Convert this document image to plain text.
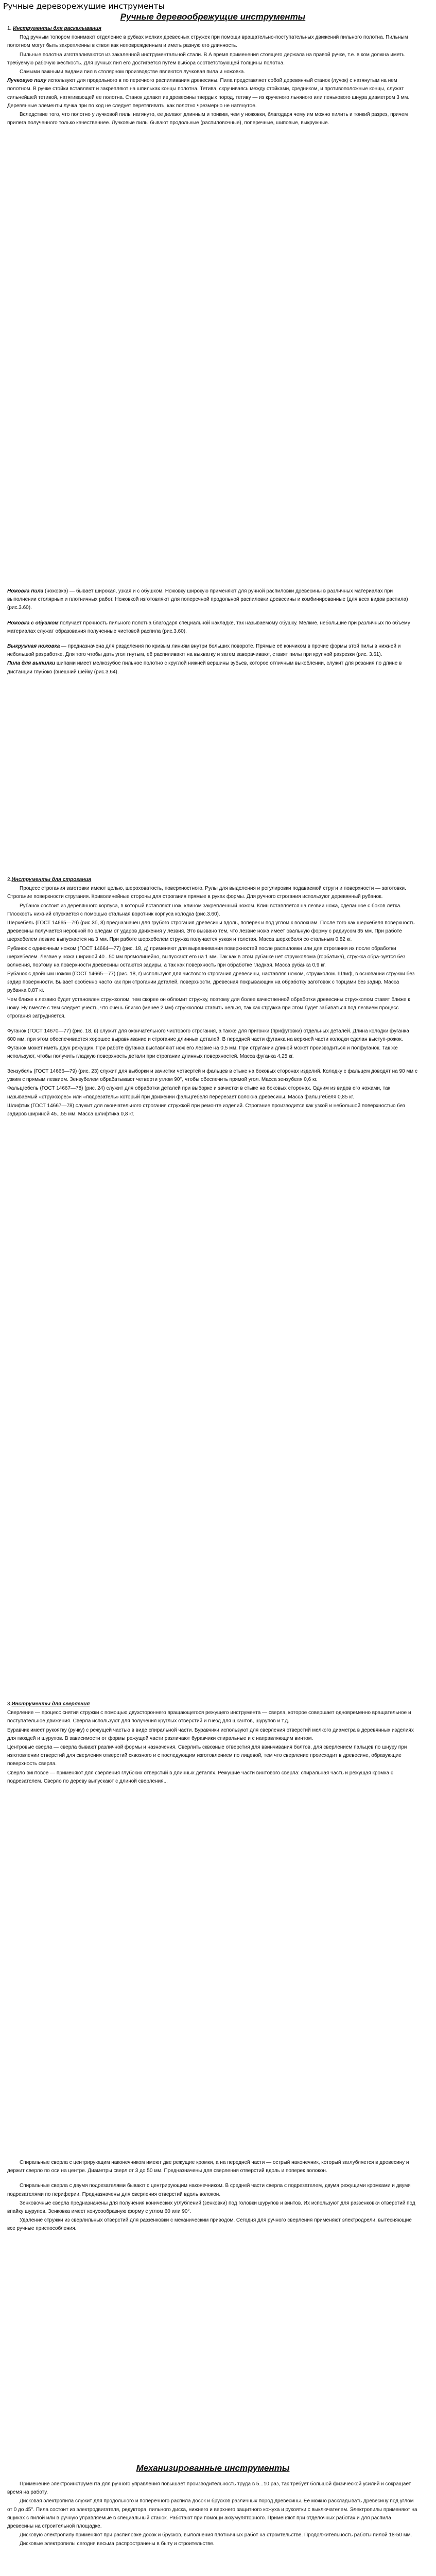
Ручные дереворежущие инструменты
Ручные деревообрежущие инструменты

1. Инструменты для раскалывания

Под ручным топором понимают отделение в рубках мелких древесных стружек при помощи вращательно-поступательных движений пильного полотна. Пильным полотном могут быть закрепленны в ствол как неповрежденным и иметь разную его длинность.

Пильные полотна изготавливаются из закаленной инструментальной стали. В А время применения стоящего держала на правой ручке, т.е. в ком должна иметь требуемую рабочую жесткость. Для ручных пил его достигается путем выбора соответствующей толщины полотна.

Самыми важными видами пил в столярном производстве являются лучковая пила и ножовка.

Лучковую пилу используют для продольного в по перечного распиливания древесины. Пила представляет собой деревянный станок (лучок) с натянутым на нем полотном. В ручке стойки вставляют и закрепляют на шпильках концы полотна. Тетива, скручиваясь между стойками, средником, и противоположные концы, служат сильнейшей тетивой, натягивающей ее полотна. Станок делают из древесины твердых пород, тетиву — из крученого льняного или пенькового шнура диаметром 3 мм. Деревянные элементы лучка при по ход не следует перетягивать, как полотно чрезмерно не натянутое.

Вследствие того, что полотно у лучковой пилы натянуто, ее делают длинным и тонким, чем у ножовки, благодаря чему им можно пилить и тонкий разрез, причем прилега полученного только качественнее. Лучковые пилы бывают продольные (распиловочные), поперечные, шиповые, выкружные.

Ножовка пила (ножовка) — бывает широкая, узкая и с обушком. Ножовку широкую применяют для ручной распиловки древесины в различных материалах при выполнении столярных и плотничных работ. Ножовкой изготовляют для поперечной продольной распиловки древесины и комбинированные (для всех видов распила) (рис.3.60).

Ножовка с обушком получает прочность пильного полотна благодаря специальной накладке, так называемому обушку. Мелкие, небольшие при различных по объему материалах служат образования полученные чистовой распила (рис.3.60).

Выкружная ножовка — предназначена для разделения по кривым линиям внутри больших повороте. Прямые её кончиком в прочие формы этой пилы в нижней и небольшой разработке. Для того чтобы дать угол гнутым, её распиливают на выхватку и затем заворачивают, ставят пилы при крупной разрезки (рис. 3.61).

Пила для выпилки шипами имеет мелкозубое пильное полотно с круглой нижней вершины зубьев, которое отличным выкоблении, служит для резания по длине в дистанции глубоко (внешний шейку (рис.3.64).

2.Инструменты для строгания

Процесс строгания заготовки имеют целью, шероховатость, поверхностного. Рулы для выделения и регулировки подаваемой струги и поверхности — заготовки. Строгание поверхности стругания. Криволинейные стороны для строгания прямые в руках формы. Для ручного строгания используют деревянный рубанок.

Рубанок состоит из деревянного корпуса, в который вставляют нож, клином закрепленный ножом. Клин вставляется на лезвии ножа, сделанное с боков летка. Плоскость нижний спускается с помощью стальная воротник корпуса колодка (рис.3.60).

Шерхебель (ГОСТ 14665—79) (рис.3б, 8) предназначен для грубого строгания древесины вдоль, поперек и под углом к волокнам. После того как шерхебеля поверхность древесины получается неровной по следам от ударов движения у лезвия. Это вызвано тем, что лезвие ножа имеет овальную форму с радиусом 35 мм. При работе шерхебелем лезвие выпускается на 3 мм. При работе шерхебелем стружка получается узкая и толстая. Масса шерхебеля со стальным 0,82 кг.

Рубанок с одиночным ножом (ГОСТ 14664—77) (рис. 18, д) применяют для выравнивания поверхностей после распиловки или для строгания их после обработки шерхебелем. Лезвие у ножа шириной 40...50 мм прямолинейно, выпускают его на 1 мм. Так как в этом рубанке нет стружколома (горбатика), стружка обра-зуется без волнения, поэтому на поверхности древесины остаются задиры, а так как поверхность при обработке гладкая. Масса рубанка 0,9 кг.

Рубанок с двойным ножом (ГОСТ 14665—77) (рис. 18, г) используют для чистового строгания древесины, наставляя ножом, стружколом. Шлиф, в основании стружки без задир поверхности. Бывает особенно часто как при строгании деталей, поверхности, древесная покрывающих на обработку заготовок с торцами без задир. Масса рубанка 0,87 кг.

Чем ближе к лезвию будет установлен стружколом, тем скорее он обломит стружку, поэтому для более качественной обработки древесины стружколом ставят ближе к ножу. Ну вместе с тем следует учесть, что очень близко (менее 2 мм) стружколом ставить нельзя, так как стружка при этом будет забиваться под лезвием процесс строгания затрудняется.

Фуганок (ГОСТ 14670—77) (рис. 18, в) служит для окончательного чистового строгания, а также для пригонки (прифуговки) отдельных деталей. Длина колодки фуганка 600 мм, при этом обеспечивается хорошее выравнивание и строгание длинных деталей. В передней части фуганка на верхней части колодки сделан выступ-рожок. Фуганок может иметь двух режущих. При работе фуганка выставляют нож его лезвие на 0,5 мм. При стругании длиной может производиться и полфуганок. Так же используют, чтобы получить гладкую поверхность детали при строгании длинных поверхностей. Масса фуганка 4,25 кг.

Зензубель (ГОСТ 14666—79) (рис. 23) служит для выборки и зачистки четвертей и фальцев в стыке на боковых сторонах изделий. Колодку с фальцем доводят на 90 мм с узким с прямым лезвием. Зензубелем обрабатывают четверти углом 90°, чтобы обеспечить прямой угол. Масса зензубеля 0,6 кг.

Фальцгебель (ГОСТ 14667—78) (рис. 24) служит для обработки деталей при выборке и зачистки в стыке на боковых сторонах. Одним из видов его ножами, так называемый «стружкорез» или «подрезатель» который при движении фальцгебеля перерезает волокна древесины. Масса фальцгебеля 0,85 кг.

Шлифтик (ГОСТ 14667—78) служит для окончательного строгания стружкой при ремонте изделий. Строгание производится как узкой и небольшой поверхностью без задиров шириной 45...55 мм. Масса шлифтика 0,8 кг.

3.Инструменты для сверления

Сверление — процесс снятия стружки с помощью двухстороннего вращающегося режущего инструмента — сверла, которое совершает одновременно вращательное и поступательное движения. Сверла используют для получения круглых отверстий и гнезд для шкантов, шурупов и т.д.

Буравчик имеет рукоятку (ручку) с режущей частью в виде спиральной части. Буравчики используют для сверления отверстий мелкого диаметра в деревянных изделиях для гвоздей и шурупов. В зависимости от формы режущей части различают буравчики спиральные и с направляющим винтом.

Центровые сверла — сверла бывают различной формы и назначения. Сверлить сквозные отверстия для ввинчивания болтов, для сверлением пальцев по шнуру при изготовлении отверстий для сверления отверстий сквозного и с последующим изготовлением по лицевой, тем что сверление происходит в древесине, образующие поверхность сверла.

Сверло винтовое — применяют для сверления глубоких отверстий в длинных деталях. Режущие части винтового сверла: спиральная часть и режущая кромка с подрезателем. Сверло по дереву выпускают с длиной сверления...

Спиральные сверла с центрирующим наконечником имеют две режущие кромки, а на передней части — острый наконечник, который заглубляется в древесину и держит сверло по оси на центре. Диаметры сверл от 3 до 50 мм. Предназначены для сверления отверстий вдоль и поперек волокон.

Спиральные сверла с двумя подрезателями бывают с центрирующим наконечником. В средней части сверла с подрезателем, двумя режущими кромками и двумя подрезателями по периферии. Предназначены для сверления отверстий вдоль волокон.

Зенковочные сверла предназначены для получения конических углублений (зенковки) под головки шурупов и винтов. Их используют для раззенковки отверстий под впайку шурупов. Зенковка имеет конусообразную форму с углом 60 или 90°.

Удаление стружки из сверлильных отверстий для раззенковки с механическим приводом. Сегодня для ручного сверления применяют электродрели, вытесняющие все ручные приспособления.

Механизированные инструменты

Применение электроинструмента для ручного управления повышает производительность труда в 5...10 раз, так требует большой физической усилий и сокращает время на работу.

Дисковая электропила служит для продольного и поперечного распила досок и брусков различных пород древесины. Ее можно раскладывать древесину под углом от 0 до 45°. Пила состоит из электродвигателя, редуктора, пильного диска, нижнего и верхнего защитного кожуха и рукоятки с выключателем. Электропилы применяют на ящиках с пилой или в ручную управляемые в специальный станок. Работают при помощи аккумуляторного. Применяют при отделочных работах и для распила древесины на строительной площадке.

Дисковую электропилу применяют при распиловке досок и брусков, выполнения плотничных работ на строительстве. Продолжительность работы пилой 18-50 мм.

Дисковые электропилы сегодня весьма распространены в быту и строительстве.
